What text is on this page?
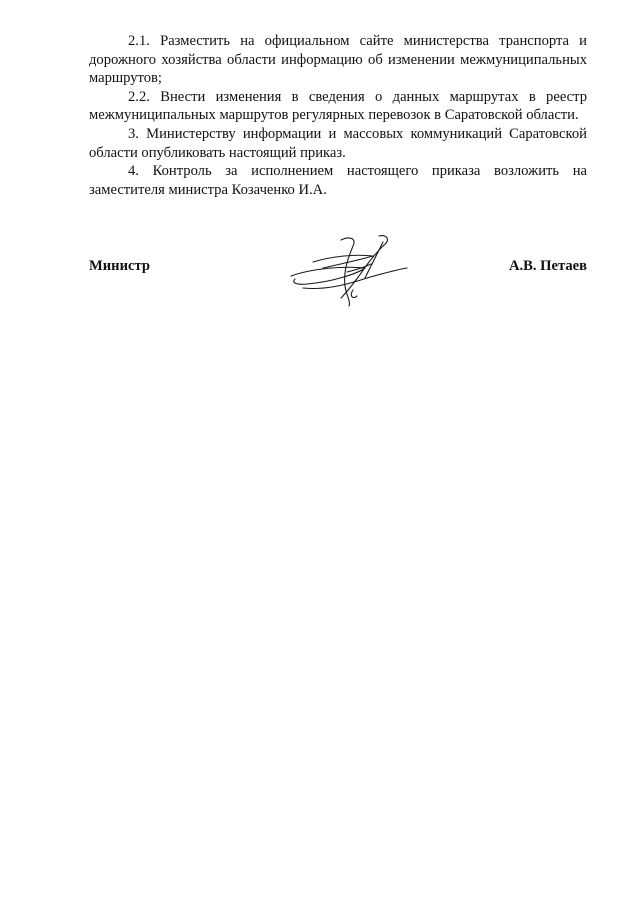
2.1. Разместить на официальном сайте министерства транспорта и дорожного хозяйства области информацию об изменении межмуниципальных маршрутов;

2.2. Внести изменения в сведения о данных маршрутах в реестр межмуниципальных маршрутов регулярных перевозок в Саратовской области.

3. Министерству информации и массовых коммуникаций Саратовской области опубликовать настоящий приказ.

4. Контроль за исполнением настоящего приказа возложить на заместителя министра Козаченко И.А.

Министр	А.В. Петаев
